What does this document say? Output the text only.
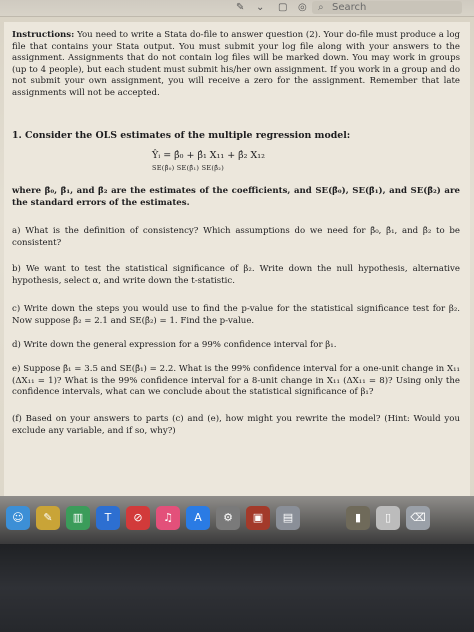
✎ ⌄ ▢ ◎ ⌕ Search
Instructions: You need to write a Stata do-file to answer question (2). Your do-file must produce a log file that contains your Stata output. You must submit your log file along with your answers to the assignment. Assignments that do not contain log files will be marked down. You may work in groups (up to 4 people), but each student must submit his/her own assignment. If you work in a group and do not submit your own assignment, you will receive a zero for the assignment. Remember that late assignments will not be accepted.
1. Consider the OLS estimates of the multiple regression model:
Ŷᵢ = β̂₀ + β̂₁ X₁₁ + β̂₂ X₁₂
SE(β̂₀) SE(β̂₁) SE(β̂₂)
where β̂₀, β̂₁, and β̂₂ are the estimates of the coefficients, and SE(β̂₀), SE(β̂₁), and SE(β̂₂) are the standard errors of the estimates.
a) What is the definition of consistency? Which assumptions do we need for β̂₀, β̂₁, and β̂₂ to be consistent?
b) We want to test the statistical significance of β₂. Write down the null hypothesis, alternative hypothesis, select α, and write down the t-statistic.
c) Write down the steps you would use to find the p-value for the statistical significance test for β₂. Now suppose β̂₂ = 2.1 and SE(β̂₂) = 1. Find the p-value.
d) Write down the general expression for a 99% confidence interval for β₁.
e) Suppose β̂₁ = 3.5 and SE(β̂₁) = 2.2. What is the 99% confidence interval for a one-unit change in X₁₁ (ΔX₁₁ = 1)? What is the 99% confidence interval for a 8-unit change in X₁₁ (ΔX₁₁ = 8)? Using only the confidence intervals, what can we conclude about the statistical significance of β₁?
(f) Based on your answers to parts (c) and (e), how might you rewrite the model? (Hint: Would you exclude any variable, and if so, why?)
☺	✎	▥	T	⊘	♫	A	⚙	▣	▤	▮	▯	⌫
